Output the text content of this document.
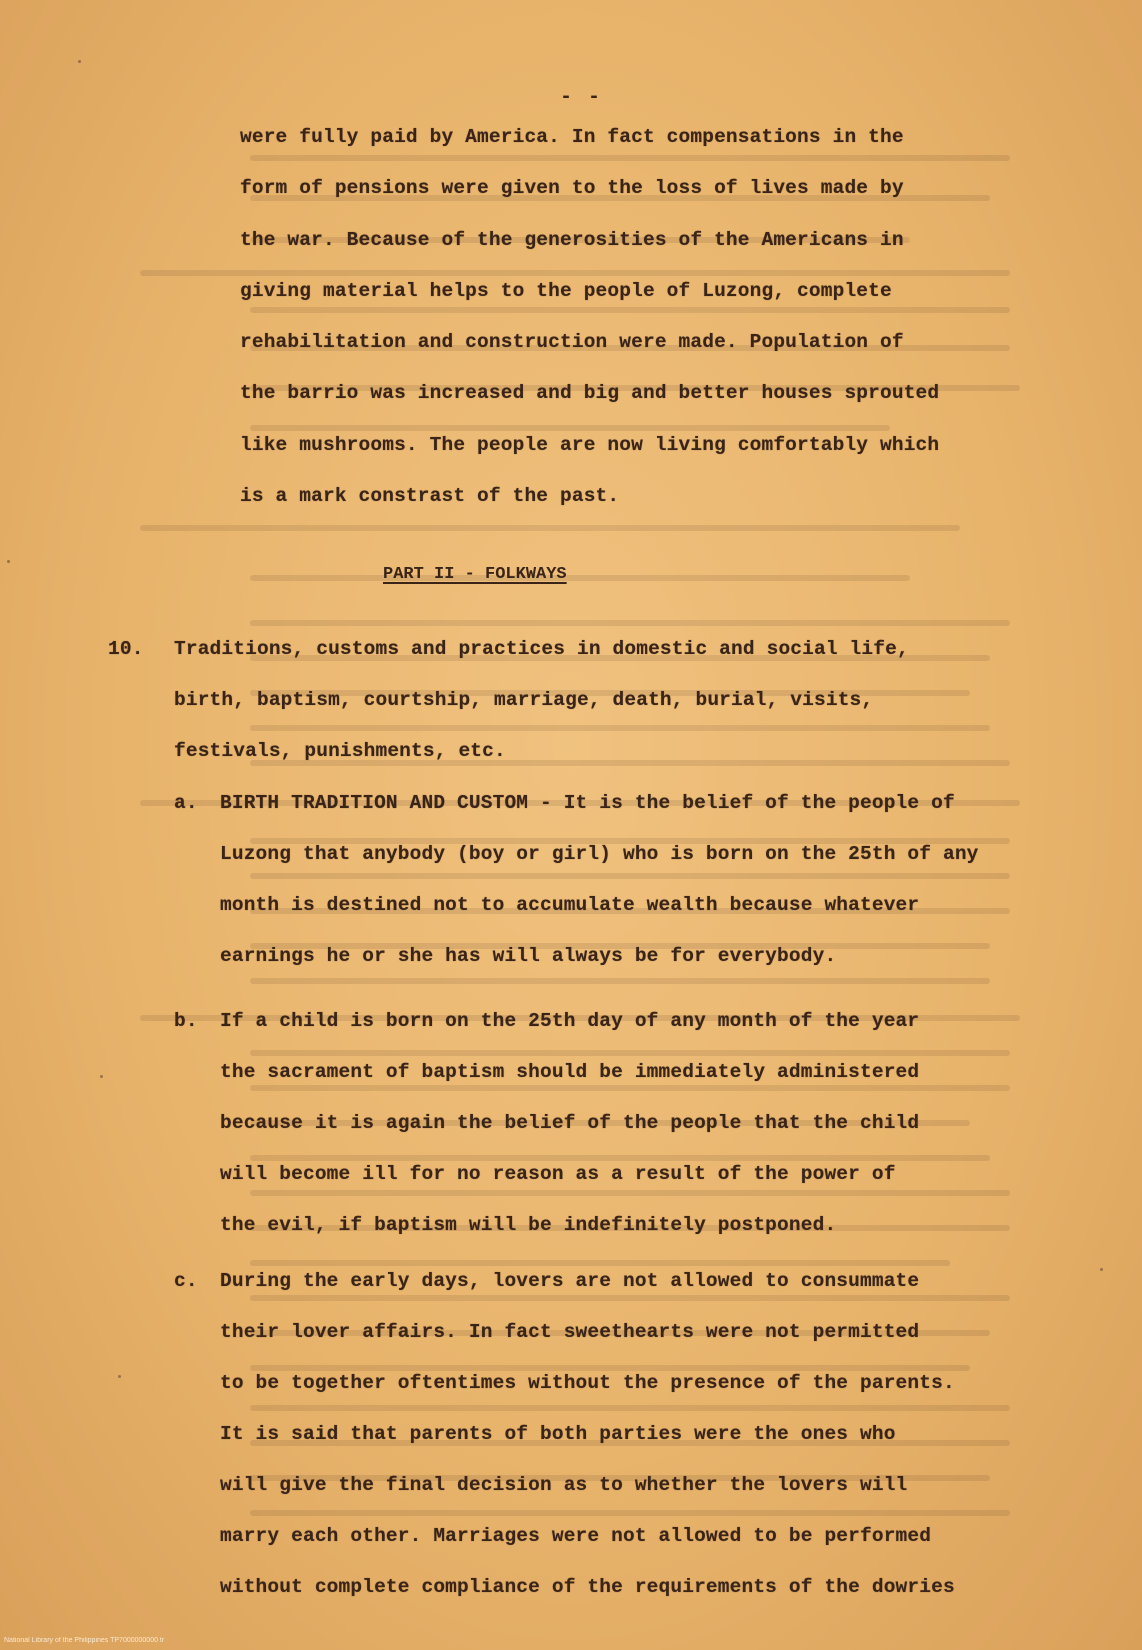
- -
were fully paid by America. In fact compensations in the
form of pensions were given to the loss of lives made by
the war. Because of the generosities of the Americans in
giving material helps to the people of Luzong, complete
rehabilitation and construction were made. Population of
the barrio was increased and big and better houses sprouted
like mushrooms. The people are now living comfortably which
is a mark constrast of the past.
PART II - FOLKWAYS
10. Traditions, customs and practices in domestic and social life,
birth, baptism, courtship, marriage, death, burial, visits,
festivals, punishments, etc.
a. BIRTH TRADITION AND CUSTOM - It is the belief of the people of
Luzong that anybody (boy or girl) who is born on the 25th of any
month is destined not to accumulate wealth because whatever
earnings he or she has will always be for everybody.
b. If a child is born on the 25th day of any month of the year
the sacrament of baptism should be immediately administered
because it is again the belief of the people that the child
will become ill for no reason as a result of the power of
the evil, if baptism will be indefinitely postponed.
c. During the early days, lovers are not allowed to consummate
their lover affairs. In fact sweethearts were not permitted
to be together oftentimes without the presence of the parents.
It is said that parents of both parties were the ones who
will give the final decision as to whether the lovers will
marry each other. Marriages were not allowed to be performed
without complete compliance of the requirements of the dowries
National Library of the Philippines TP7000000000 tr
